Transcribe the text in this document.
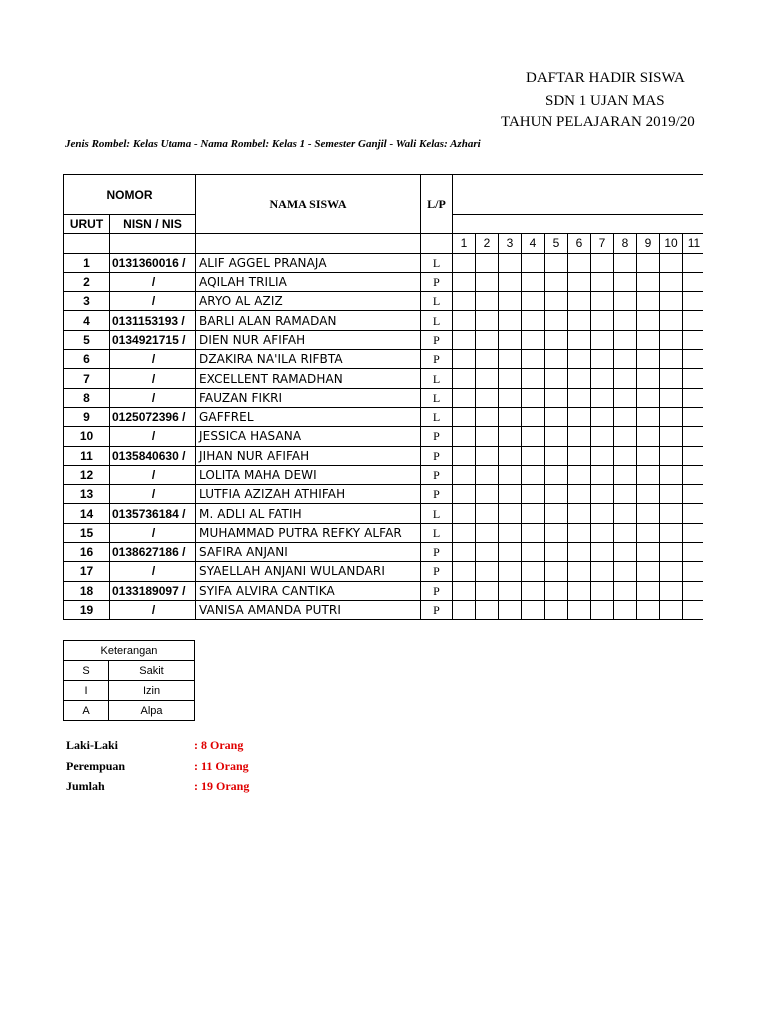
DAFTAR HADIR SISWA
SDN 1 UJAN MAS
TAHUN PELAJARAN 2019/20
Jenis Rombel: Kelas Utama - Nama Rombel: Kelas 1 - Semester Ganjil - Wali Kelas: Azhari
NOMOR		NAMA SISWA	L/P											
URUT	NISN / NIS													
				1	2	3	4	5	6	7	8	9	10	11
1	0131360016 /	ALIF AGGEL PRANAJA	L											
2	/	AQILAH TRILIA	P											
3	/	ARYO AL AZIZ	L											
4	0131153193 /	BARLI ALAN RAMADAN	L											
5	0134921715 /	DIEN NUR AFIFAH	P											
6	/	DZAKIRA NA'ILA RIFBTA	P											
7	/	EXCELLENT RAMADHAN	L											
8	/	FAUZAN FIKRI	L											
9	0125072396 /	GAFFREL	L											
10	/	JESSICA HASANA	P											
11	0135840630 /	JIHAN NUR AFIFAH	P											
12	/	LOLITA MAHA DEWI	P											
13	/	LUTFIA AZIZAH ATHIFAH	P											
14	0135736184 /	M. ADLI AL FATIH	L											
15	/	MUHAMMAD PUTRA REFKY ALFAR	L											
16	0138627186 /	SAFIRA ANJANI	P											
17	/	SYAELLAH ANJANI WULANDARI	P											
18	0133189097 /	SYIFA ALVIRA CANTIKA	P											
19	/	VANISA AMANDA PUTRI	P											
Keterangan	
S	Sakit
I	Izin
A	Alpa
Laki-Laki	: 8 Orang
Perempuan	: 11 Orang
Jumlah	: 19 Orang
